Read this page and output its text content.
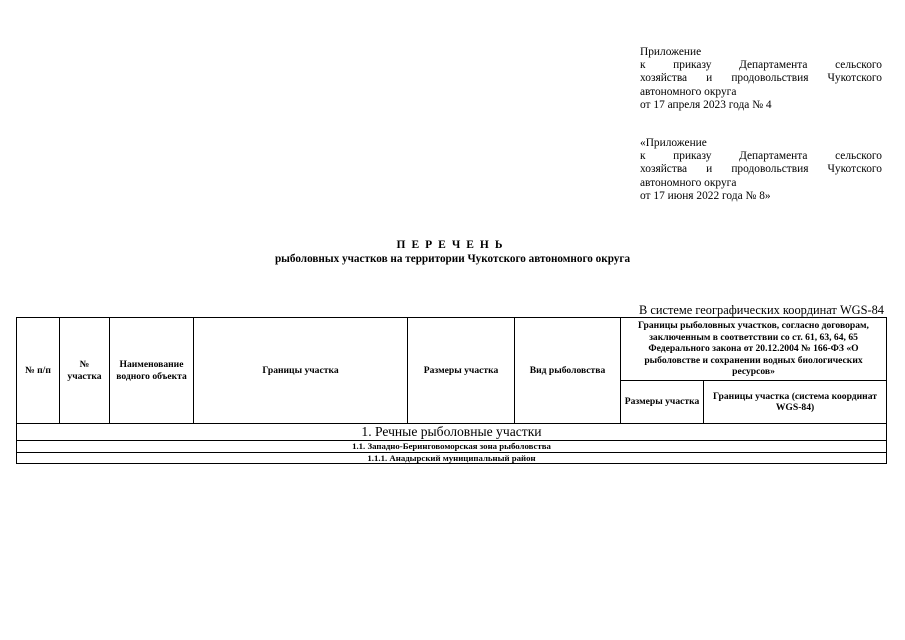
Приложение
к приказу Департамента сельского
хозяйства и продовольствия Чукотского
автономного округа
от 17 апреля 2023 года № 4
«Приложение
к приказу Департамента сельского
хозяйства и продовольствия Чукотского
автономного округа
от 17 июня 2022 года № 8»
ПЕРЕЧЕНЬ
рыболовных участков на территории Чукотского автономного округа
В системе географических координат WGS-84
№ п/п	№ участка	Наименование водного объекта	Границы участка	Размеры участка	Вид рыболовства	Границы рыболовных участков, согласно договорам, заключенным в соответствии со ст. 61, 63, 64, 65 Федерального закона от 20.12.2004 № 166-ФЗ «О рыболовстве и сохранении водных биологических ресурсов»	
						Размеры участка	Границы участка (система координат WGS-84)
1. Речные рыболовные участки							
1.1. Западно-Беринговоморская зона рыболовства							
1.1.1. Анадырский муниципальный район							
